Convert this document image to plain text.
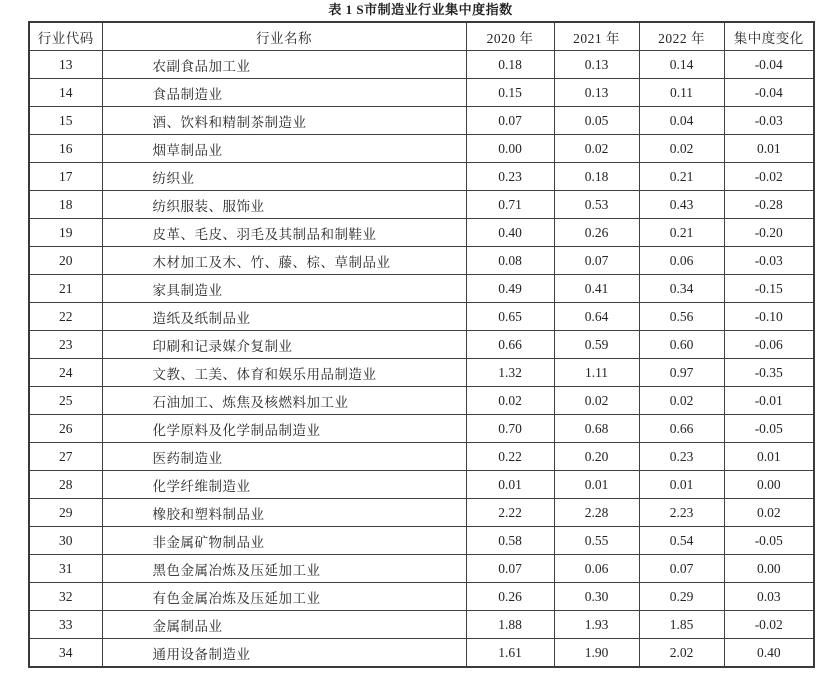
表 1 S市制造业行业集中度指数
行业代码	行业名称	2020 年	2021 年	2022 年	集中度变化
13	农副食品加工业	0.18	0.13	0.14	-0.04
14	食品制造业	0.15	0.13	0.11	-0.04
15	酒、饮料和精制茶制造业	0.07	0.05	0.04	-0.03
16	烟草制品业	0.00	0.02	0.02	0.01
17	纺织业	0.23	0.18	0.21	-0.02
18	纺织服装、服饰业	0.71	0.53	0.43	-0.28
19	皮革、毛皮、羽毛及其制品和制鞋业	0.40	0.26	0.21	-0.20
20	木材加工及木、竹、藤、棕、草制品业	0.08	0.07	0.06	-0.03
21	家具制造业	0.49	0.41	0.34	-0.15
22	造纸及纸制品业	0.65	0.64	0.56	-0.10
23	印刷和记录媒介复制业	0.66	0.59	0.60	-0.06
24	文教、工美、体育和娱乐用品制造业	1.32	1.11	0.97	-0.35
25	石油加工、炼焦及核燃料加工业	0.02	0.02	0.02	-0.01
26	化学原料及化学制品制造业	0.70	0.68	0.66	-0.05
27	医药制造业	0.22	0.20	0.23	0.01
28	化学纤维制造业	0.01	0.01	0.01	0.00
29	橡胶和塑料制品业	2.22	2.28	2.23	0.02
30	非金属矿物制品业	0.58	0.55	0.54	-0.05
31	黑色金属冶炼及压延加工业	0.07	0.06	0.07	0.00
32	有色金属冶炼及压延加工业	0.26	0.30	0.29	0.03
33	金属制品业	1.88	1.93	1.85	-0.02
34	通用设备制造业	1.61	1.90	2.02	0.40
